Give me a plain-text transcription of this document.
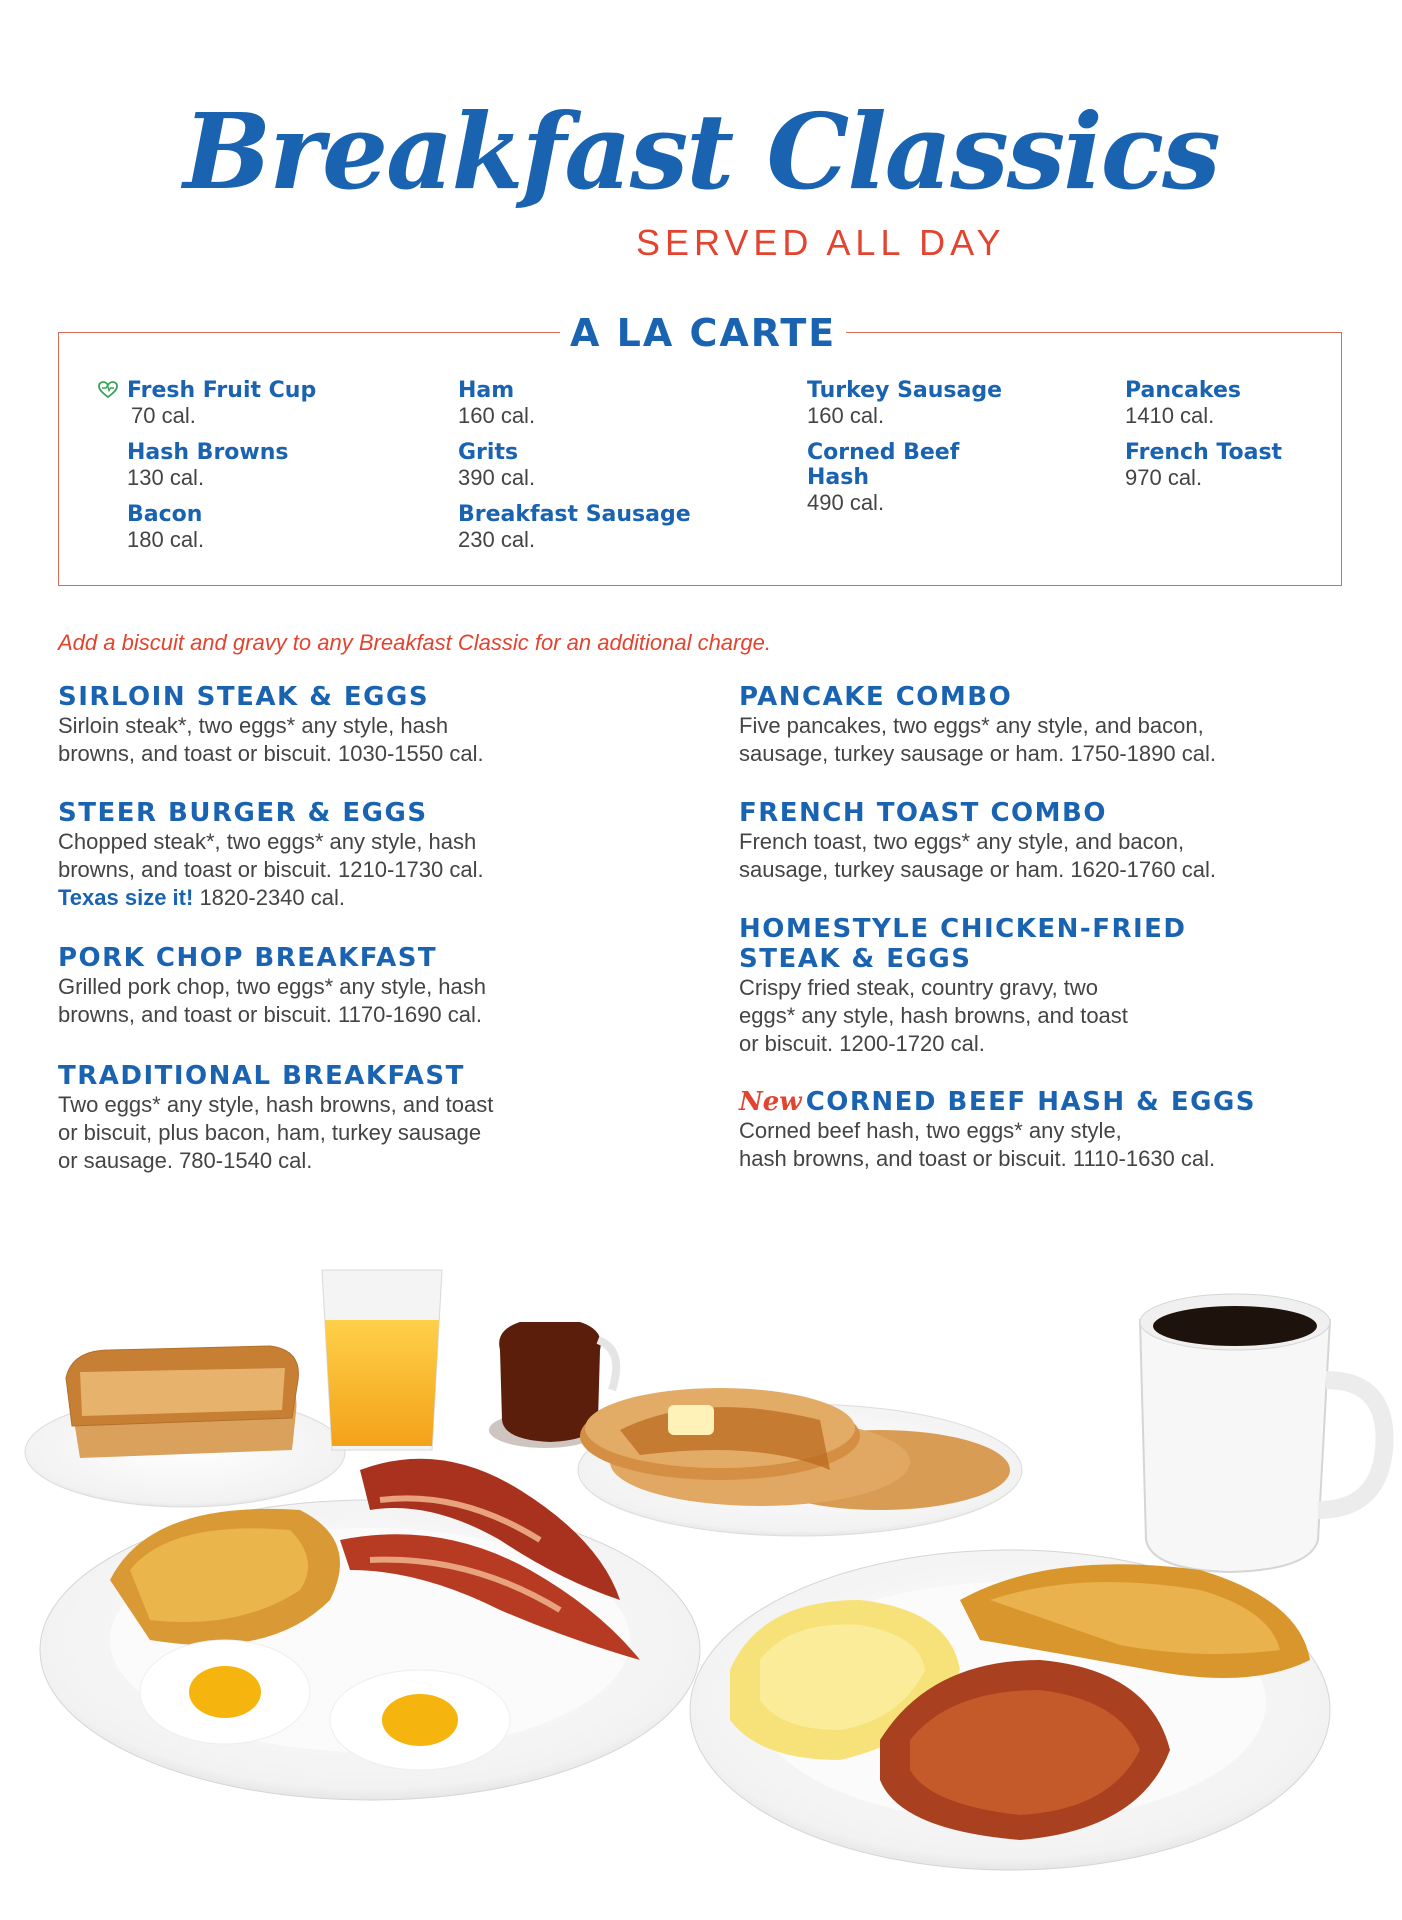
Breakfast Classics

SERVED ALL DAY

A LA CARTE
Fresh Fruit Cup
70 cal.
Hash Browns
130 cal.
Bacon
180 cal.
Ham
160 cal.
Grits
390 cal.
Breakfast Sausage
230 cal.
Turkey Sausage
160 cal.
Corned Beef
Hash
490 cal.
Pancakes
1410 cal.
French Toast
970 cal.

Add a biscuit and gravy to any Breakfast Classic for an additional charge.

SIRLOIN STEAK & EGGS

Sirloin steak*, two eggs* any style, hash
browns, and toast or biscuit. 1030-1550 cal.

STEER BURGER & EGGS

Chopped steak*, two eggs* any style, hash
browns, and toast or biscuit. 1210-1730 cal.

Texas size it! 1820-2340 cal.

PORK CHOP BREAKFAST

Grilled pork chop, two eggs* any style, hash
browns, and toast or biscuit. 1170-1690 cal.

TRADITIONAL BREAKFAST

Two eggs* any style, hash browns, and toast
or biscuit, plus bacon, ham, turkey sausage
or sausage. 780-1540 cal.

PANCAKE COMBO

Five pancakes, two eggs* any style, and bacon,
sausage, turkey sausage or ham. 1750-1890 cal.

FRENCH TOAST COMBO

French toast, two eggs* any style, and bacon,
sausage, turkey sausage or ham. 1620-1760 cal.

HOMESTYLE CHICKEN-FRIED
STEAK & EGGS

Crispy fried steak, country gravy, two
eggs* any style, hash browns, and toast
or biscuit. 1200-1720 cal.

New CORNED BEEF HASH & EGGS

Corned beef hash, two eggs* any style,
hash browns, and toast or biscuit. 1110-1630 cal.
